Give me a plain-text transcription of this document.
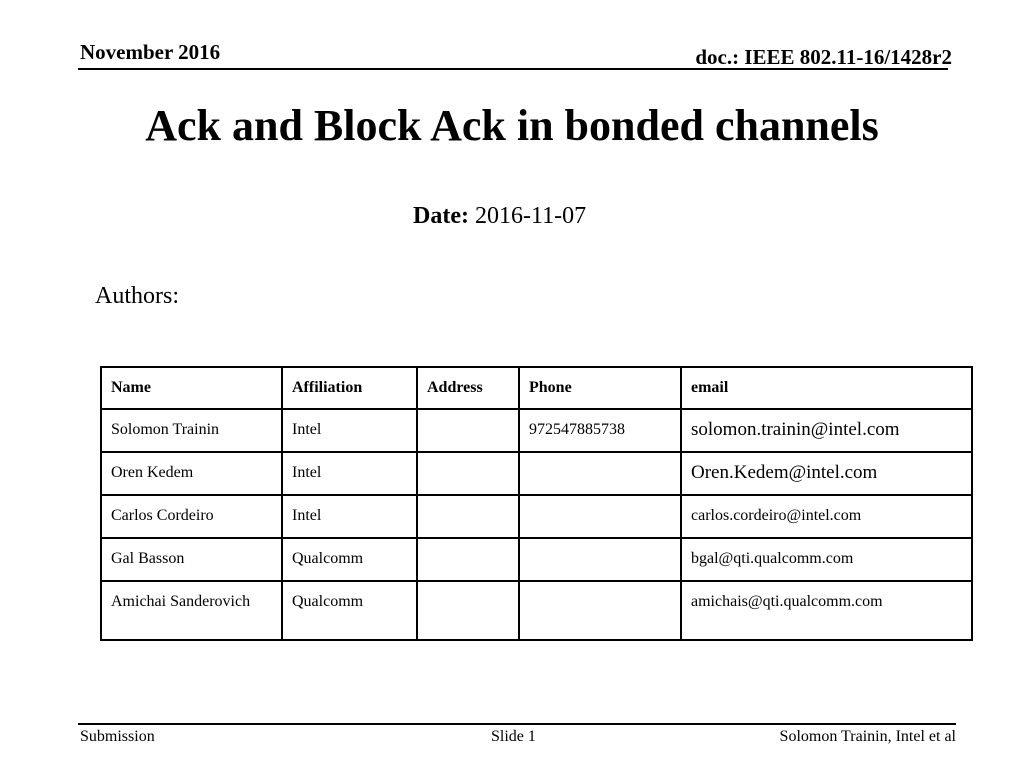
November 2016	doc.: IEEE 802.11-16/1428r2
Ack and Block Ack in bonded channels
Date: 2016-11-07
Authors:
Name	Affiliation	Address	Phone	email
Solomon Trainin	Intel		972547885738	solomon.trainin@intel.com
Oren Kedem	Intel			Oren.Kedem@intel.com
Carlos Cordeiro	Intel			carlos.cordeiro@intel.com
Gal Basson	Qualcomm			bgal@qti.qualcomm.com
Amichai Sanderovich	Qualcomm			amichais@qti.qualcomm.com
Submission	Slide 1	Solomon Trainin, Intel et al
